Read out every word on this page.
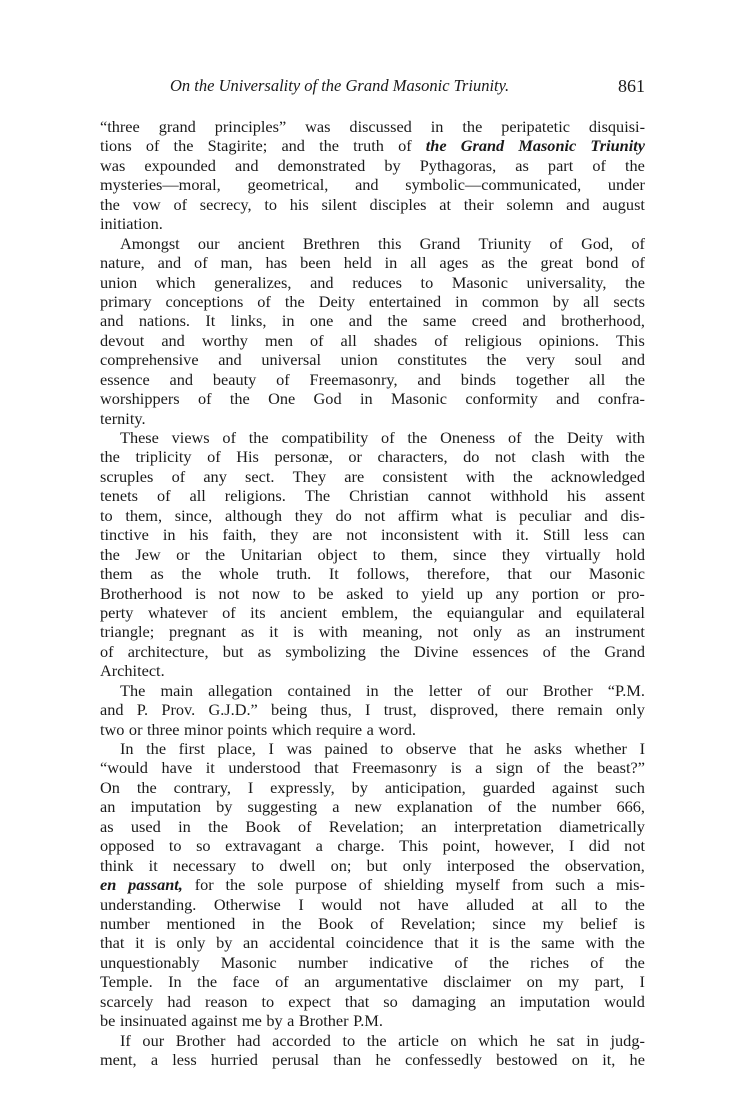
On the Universality of the Grand Masonic Triunity.	861
“three grand principles” was discussed in the peripatetic disquisi-
tions of the Stagirite; and the truth of the Grand Masonic Triunity
was expounded and demonstrated by Pythagoras, as part of the
mysteries—moral, geometrical, and symbolic—communicated, under
the vow of secrecy, to his silent disciples at their solemn and august
initiation.
Amongst our ancient Brethren this Grand Triunity of God, of
nature, and of man, has been held in all ages as the great bond of
union which generalizes, and reduces to Masonic universality, the
primary conceptions of the Deity entertained in common by all sects
and nations. It links, in one and the same creed and brotherhood,
devout and worthy men of all shades of religious opinions. This
comprehensive and universal union constitutes the very soul and
essence and beauty of Freemasonry, and binds together all the
worshippers of the One God in Masonic conformity and confra-
ternity.
These views of the compatibility of the Oneness of the Deity with
the triplicity of His personæ, or characters, do not clash with the
scruples of any sect. They are consistent with the acknowledged
tenets of all religions. The Christian cannot withhold his assent
to them, since, although they do not affirm what is peculiar and dis-
tinctive in his faith, they are not inconsistent with it. Still less can
the Jew or the Unitarian object to them, since they virtually hold
them as the whole truth. It follows, therefore, that our Masonic
Brotherhood is not now to be asked to yield up any portion or pro-
perty whatever of its ancient emblem, the equiangular and equilateral
triangle; pregnant as it is with meaning, not only as an instrument
of architecture, but as symbolizing the Divine essences of the Grand
Architect.
The main allegation contained in the letter of our Brother “P.M.
and P. Prov. G.J.D.” being thus, I trust, disproved, there remain only
two or three minor points which require a word.
In the first place, I was pained to observe that he asks whether I
“would have it understood that Freemasonry is a sign of the beast?”
On the contrary, I expressly, by anticipation, guarded against such
an imputation by suggesting a new explanation of the number 666,
as used in the Book of Revelation; an interpretation diametrically
opposed to so extravagant a charge. This point, however, I did not
think it necessary to dwell on; but only interposed the observation,
en passant, for the sole purpose of shielding myself from such a mis-
understanding. Otherwise I would not have alluded at all to the
number mentioned in the Book of Revelation; since my belief is
that it is only by an accidental coincidence that it is the same with the
unquestionably Masonic number indicative of the riches of the
Temple. In the face of an argumentative disclaimer on my part, I
scarcely had reason to expect that so damaging an imputation would
be insinuated against me by a Brother P.M.
If our Brother had accorded to the article on which he sat in judg-
ment, a less hurried perusal than he confessedly bestowed on it, he
